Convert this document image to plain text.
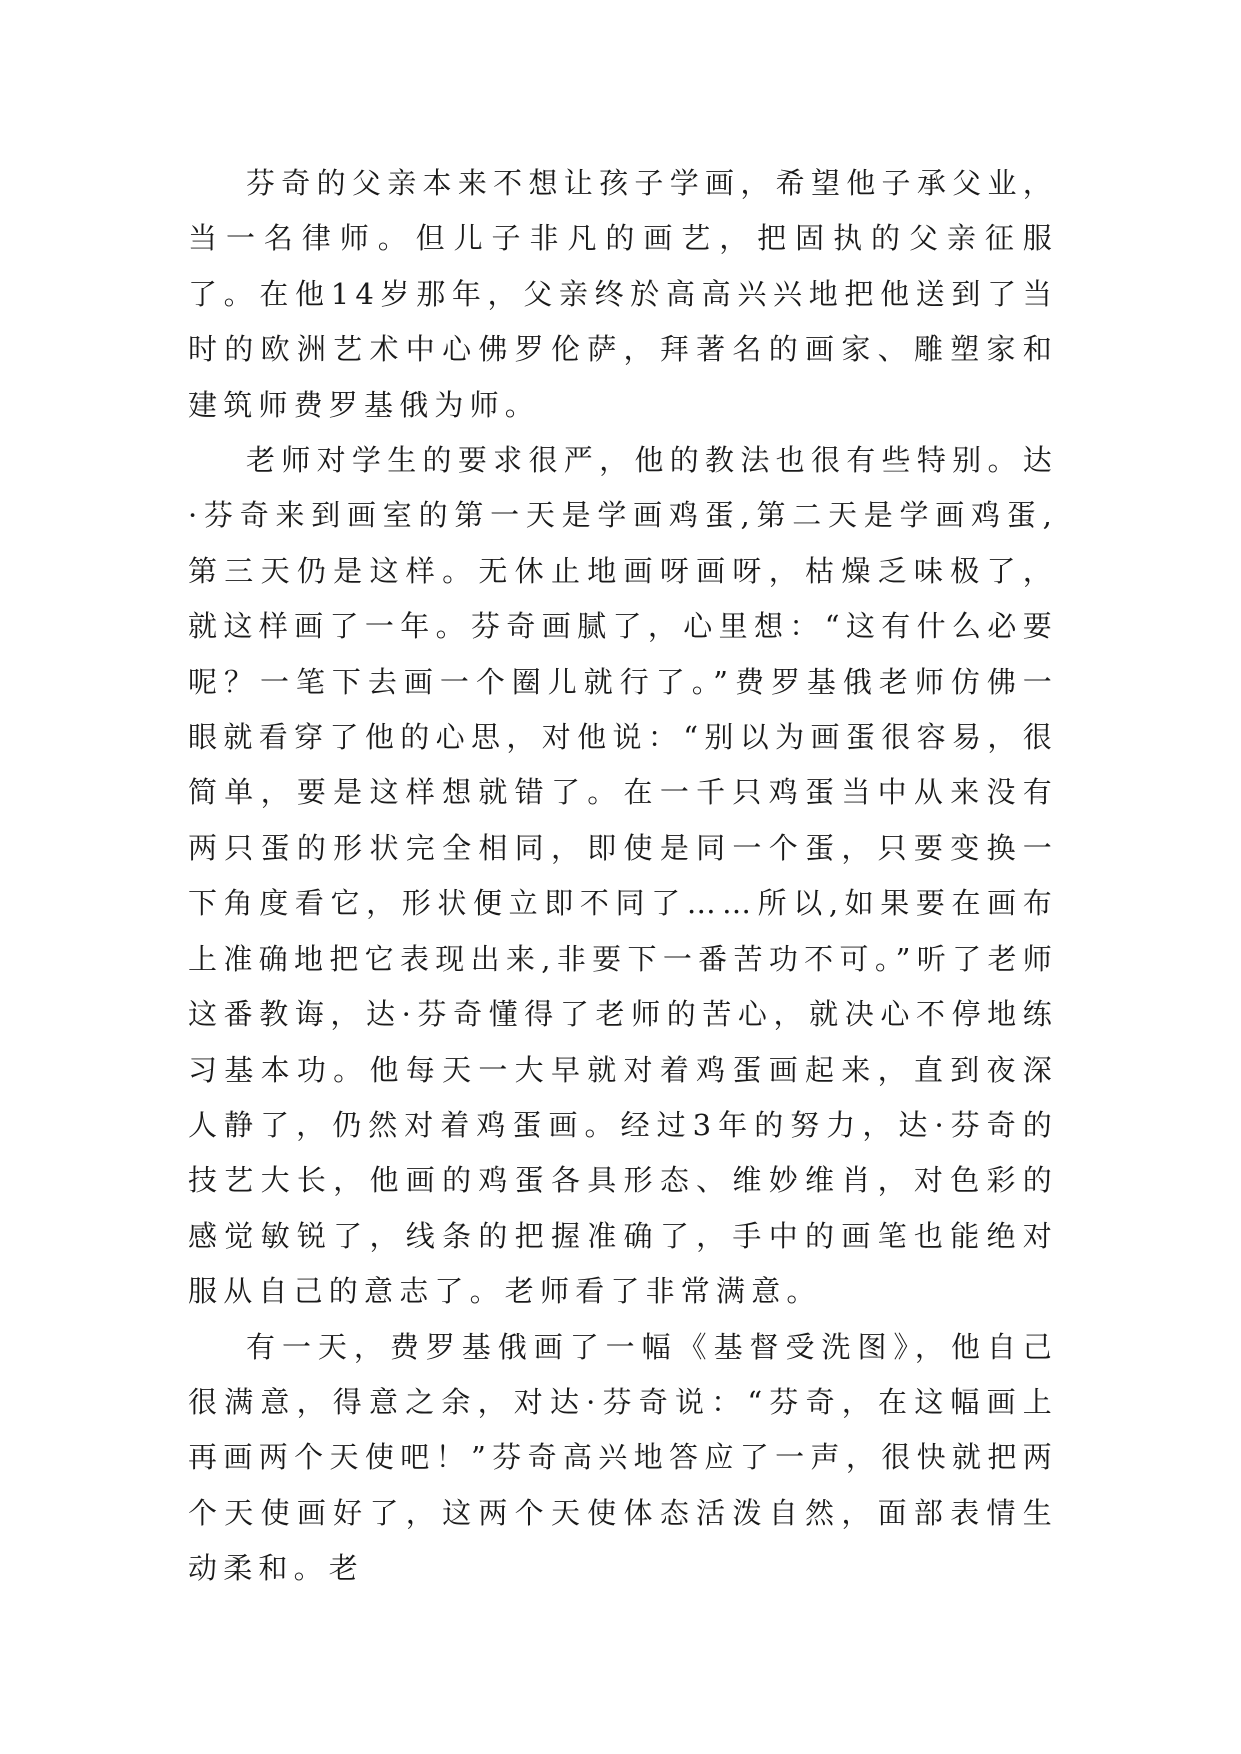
芬奇的父亲本来不想让孩子学画，希望他子承父业，当一名律师。但儿子非凡的画艺，把固执的父亲征服了。在他14岁那年，父亲终於高高兴兴地把他送到了当时的欧洲艺术中心佛罗伦萨，拜著名的画家、雕塑家和建筑师费罗基俄为师。

老师对学生的要求很严，他的教法也很有些特别。达·芬奇来到画室的第一天是学画鸡蛋,第二天是学画鸡蛋,第三天仍是这样。无休止地画呀画呀，枯燥乏味极了，就这样画了一年。芬奇画腻了，心里想：“这有什么必要呢？一笔下去画一个圈儿就行了。”费罗基俄老师仿佛一眼就看穿了他的心思，对他说：“别以为画蛋很容易，很简单，要是这样想就错了。在一千只鸡蛋当中从来没有两只蛋的形状完全相同，即使是同一个蛋，只要变换一下角度看它，形状便立即不同了……所以,如果要在画布上准确地把它表现出来,非要下一番苦功不可。”听了老师这番教诲，达·芬奇懂得了老师的苦心，就决心不停地练习基本功。他每天一大早就对着鸡蛋画起来，直到夜深人静了，仍然对着鸡蛋画。经过3年的努力，达·芬奇的技艺大长，他画的鸡蛋各具形态、维妙维肖，对色彩的感觉敏锐了，线条的把握准确了，手中的画笔也能绝对服从自己的意志了。老师看了非常满意。

有一天，费罗基俄画了一幅《基督受洗图》，他自己很满意，得意之余，对达·芬奇说：“芬奇，在这幅画上再画两个天使吧！”芬奇高兴地答应了一声，很快就把两个天使画好了，这两个天使体态活泼自然，面部表情生动柔和。老
